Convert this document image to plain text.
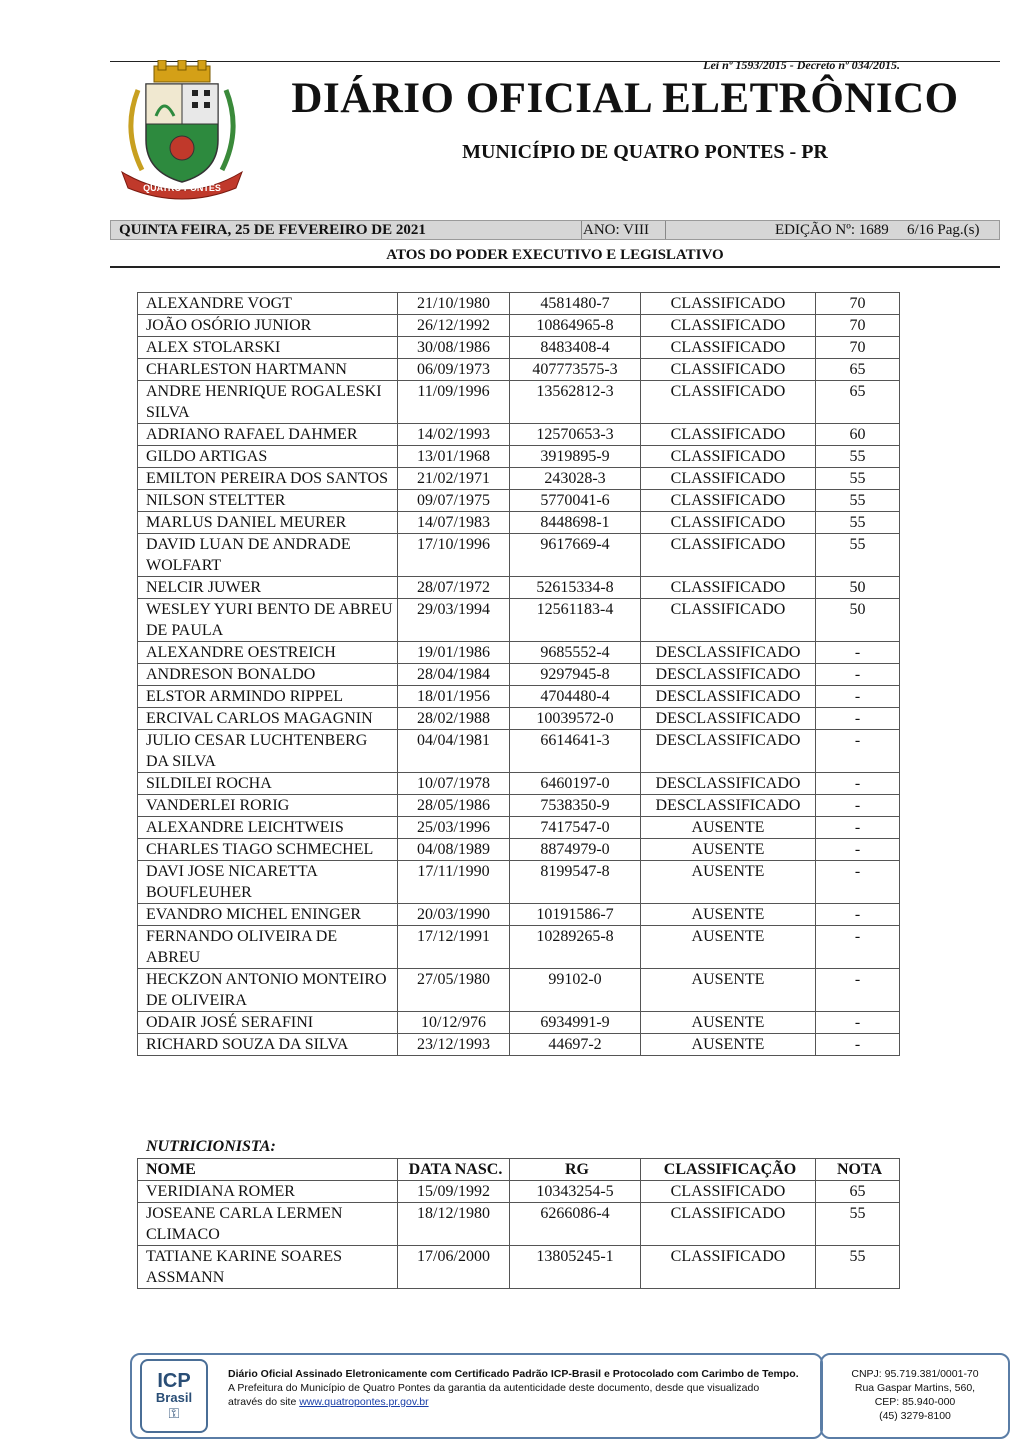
Lei nº 1593/2015 - Decreto nº 034/2015.
QUATRO PONTES
DIÁRIO OFICIAL ELETRÔNICO
MUNICÍPIO DE QUATRO PONTES - PR
QUINTA FEIRA, 25 DE FEVEREIRO DE 2021	ANO: VIII	EDIÇÃO Nº: 1689 6/16 Pag.(s)
ATOS DO PODER EXECUTIVO E LEGISLATIVO
ALEXANDRE VOGT	21/10/1980	4581480-7	CLASSIFICADO	70
JOÃO OSÓRIO JUNIOR	26/12/1992	10864965-8	CLASSIFICADO	70
ALEX STOLARSKI	30/08/1986	8483408-4	CLASSIFICADO	70
CHARLESTON HARTMANN	06/09/1973	407773575-3	CLASSIFICADO	65
ANDRE HENRIQUE ROGALESKI SILVA	11/09/1996	13562812-3	CLASSIFICADO	65
ADRIANO RAFAEL DAHMER	14/02/1993	12570653-3	CLASSIFICADO	60
GILDO ARTIGAS	13/01/1968	3919895-9	CLASSIFICADO	55
EMILTON PEREIRA DOS SANTOS	21/02/1971	243028-3	CLASSIFICADO	55
NILSON STELTTER	09/07/1975	5770041-6	CLASSIFICADO	55
MARLUS DANIEL MEURER	14/07/1983	8448698-1	CLASSIFICADO	55
DAVID LUAN DE ANDRADE WOLFART	17/10/1996	9617669-4	CLASSIFICADO	55
NELCIR JUWER	28/07/1972	52615334-8	CLASSIFICADO	50
WESLEY YURI BENTO DE ABREU DE PAULA	29/03/1994	12561183-4	CLASSIFICADO	50
ALEXANDRE OESTREICH	19/01/1986	9685552-4	DESCLASSIFICADO	-
ANDRESON BONALDO	28/04/1984	9297945-8	DESCLASSIFICADO	-
ELSTOR ARMINDO RIPPEL	18/01/1956	4704480-4	DESCLASSIFICADO	-
ERCIVAL CARLOS MAGAGNIN	28/02/1988	10039572-0	DESCLASSIFICADO	-
JULIO CESAR LUCHTENBERG DA SILVA	04/04/1981	6614641-3	DESCLASSIFICADO	-
SILDILEI ROCHA	10/07/1978	6460197-0	DESCLASSIFICADO	-
VANDERLEI RORIG	28/05/1986	7538350-9	DESCLASSIFICADO	-
ALEXANDRE LEICHTWEIS	25/03/1996	7417547-0	AUSENTE	-
CHARLES TIAGO SCHMECHEL	04/08/1989	8874979-0	AUSENTE	-
DAVI JOSE NICARETTA BOUFLEUHER	17/11/1990	8199547-8	AUSENTE	-
EVANDRO MICHEL ENINGER	20/03/1990	10191586-7	AUSENTE	-
FERNANDO OLIVEIRA DE ABREU	17/12/1991	10289265-8	AUSENTE	-
HECKZON ANTONIO MONTEIRO DE OLIVEIRA	27/05/1980	99102-0	AUSENTE	-
ODAIR JOSÉ SERAFINI	10/12/976	6934991-9	AUSENTE	-
RICHARD SOUZA DA SILVA	23/12/1993	44697-2	AUSENTE	-
NUTRICIONISTA:
NOME	DATA NASC.	RG	CLASSIFICAÇÃO	NOTA
VERIDIANA ROMER	15/09/1992	10343254-5	CLASSIFICADO	65
JOSEANE CARLA LERMEN CLIMACO	18/12/1980	6266086-4	CLASSIFICADO	55
TATIANE KARINE SOARES ASSMANN	17/06/2000	13805245-1	CLASSIFICADO	55
ICP
Brasil
⚿
Diário Oficial Assinado Eletronicamente com Certificado Padrão ICP-Brasil e Protocolado com Carimbo de Tempo.
A Prefeitura do Município de Quatro Pontes da garantia da autenticidade deste documento, desde que visualizado
através do site www.quatropontes.pr.gov.br
CNPJ: 95.719.381/0001-70
Rua Gaspar Martins, 560,
CEP: 85.940-000
(45) 3279-8100
